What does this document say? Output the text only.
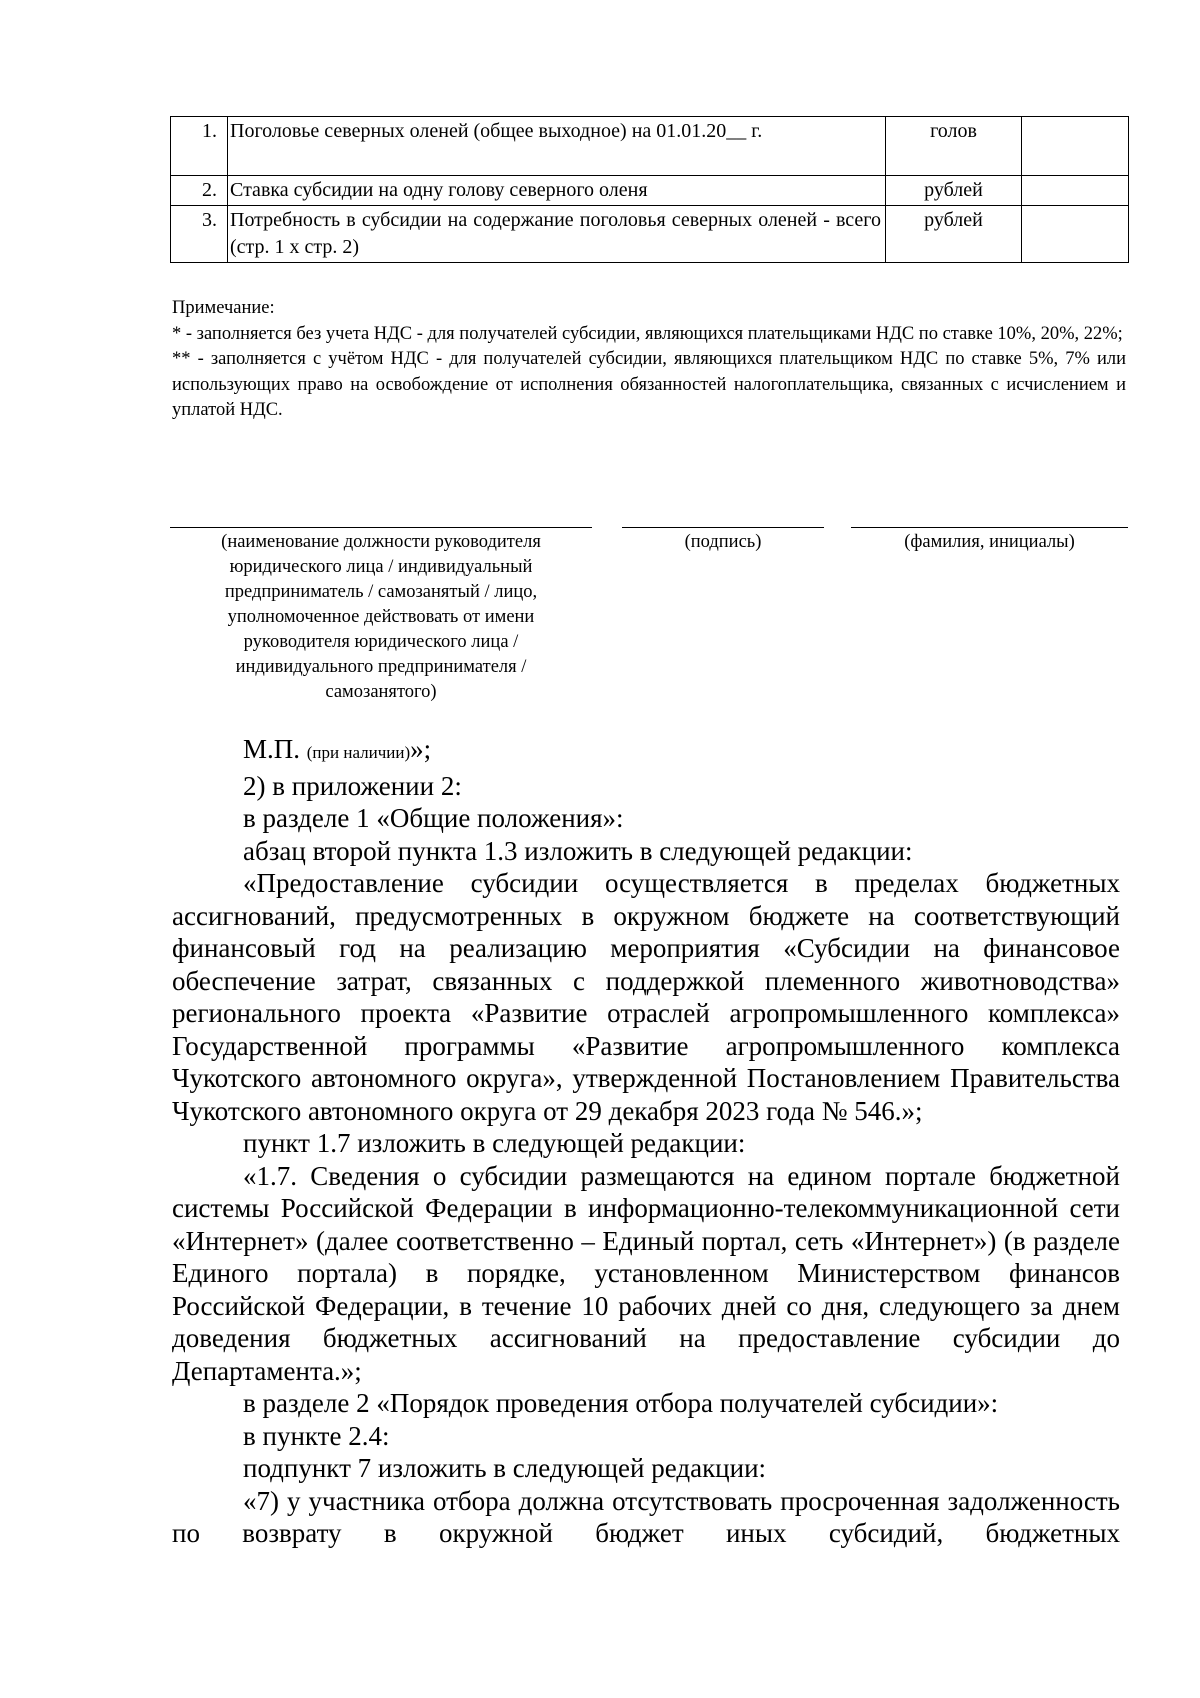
1.	Поголовье северных оленей (общее выходное) на 01.01.20__ г.	голов	
2.	Ставка субсидии на одну голову северного оленя	рублей	
3.	Потребность в субсидии на содержание поголовья северных оленей - всего (стр. 1 х стр. 2)	рублей	

Примечание:

* - заполняется без учета НДС - для получателей субсидии, являющихся плательщиками НДС по ставке 10%, 20%, 22%;

** - заполняется с учётом НДС - для получателей субсидии, являющихся плательщиком НДС по ставке 5%, 7% или использующих право на освобождение от исполнения обязанностей налогоплательщика, связанных с исчислением и уплатой НДС.

(наименование должности руководителя юридического лица / индивидуальный предприниматель / самозанятый / лицо, уполномоченное действовать от имени руководителя юридического лица / индивидуального предпринимателя / самозанятого)
(подпись)	(фамилия, инициалы)

М.П. (при наличии)»;

2) в приложении 2:

в разделе 1 «Общие положения»:

абзац второй пункта 1.3 изложить в следующей редакции:

«Предоставление субсидии осуществляется в пределах бюджетных ассигнований, предусмотренных в окружном бюджете на соответствующий финансовый год на реализацию мероприятия «Субсидии на финансовое обеспечение затрат, связанных с поддержкой племенного животноводства» регионального проекта «Развитие отраслей агропромышленного комплекса» Государственной программы «Развитие агропромышленного комплекса Чукотского автономного округа», утвержденной Постановлением Правительства Чукотского автономного округа от 29 декабря 2023 года № 546.»;

пункт 1.7 изложить в следующей редакции:

«1.7. Сведения о субсидии размещаются на едином портале бюджетной системы Российской Федерации в информационно-телекоммуникационной сети «Интернет» (далее соответственно – Единый портал, сеть «Интернет») (в разделе Единого портала) в порядке, установленном Министерством финансов Российской Федерации, в течение 10 рабочих дней со дня, следующего за днем доведения бюджетных ассигнований на предоставление субсидии до Департамента.»;

в разделе 2 «Порядок проведения отбора получателей субсидии»:

в пункте 2.4:

подпункт 7 изложить в следующей редакции:

«7) у участника отбора должна отсутствовать просроченная задолженность по возврату в окружной бюджет иных субсидий, бюджетных
